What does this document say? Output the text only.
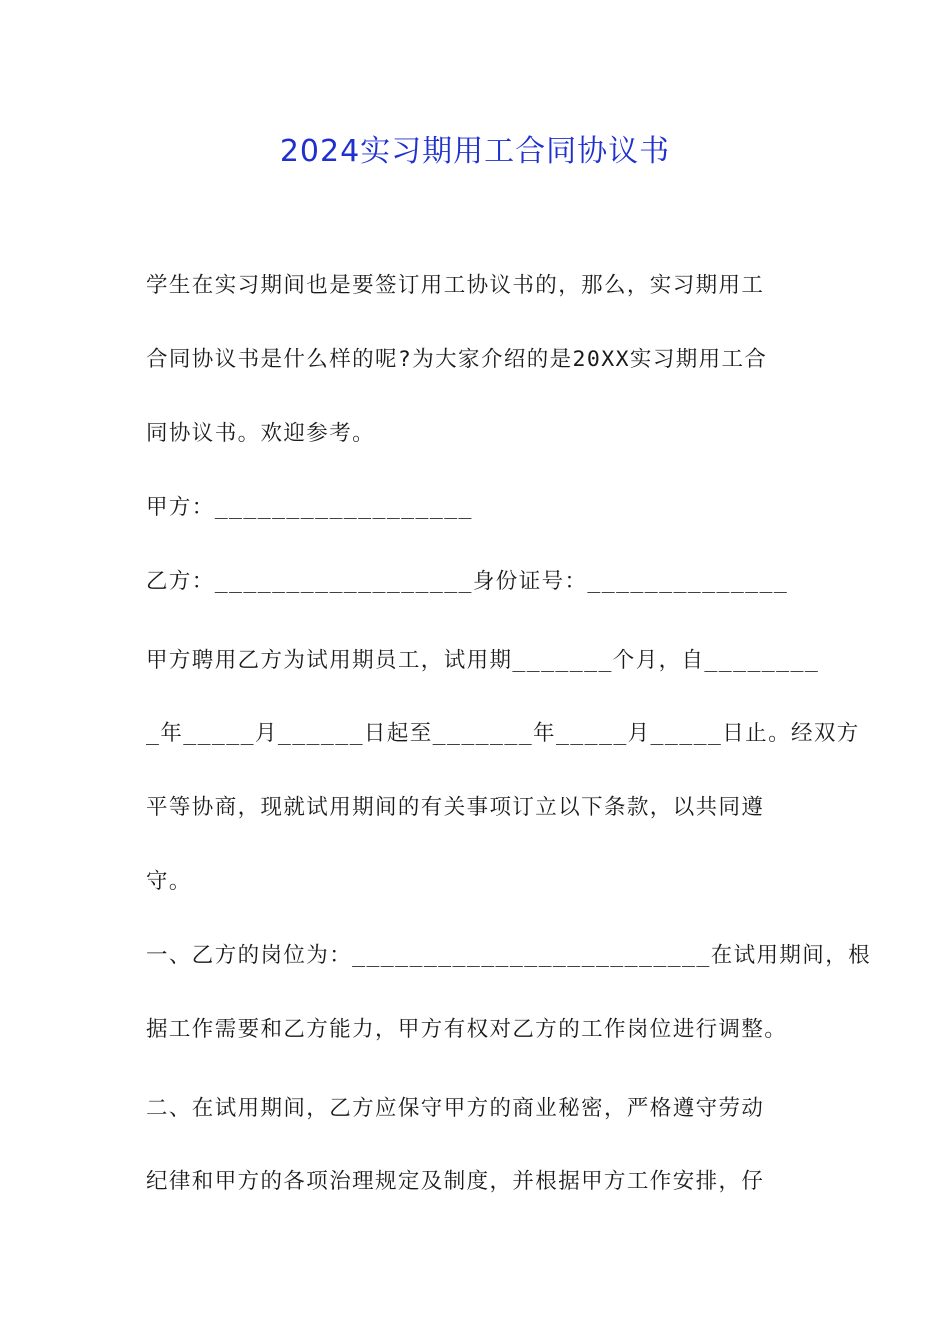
2024实习期用工合同协议书
学生在实习期间也是要签订用工协议书的，那么，实习期用工
合同协议书是什么样的呢?为大家介绍的是20XX实习期用工合
同协议书。欢迎参考。
甲方：__________________
乙方：__________________身份证号：______________
甲方聘用乙方为试用期员工，试用期_______个月，自________
_年_____月______日起至_______年_____月_____日止。经双方
平等协商，现就试用期间的有关事项订立以下条款，以共同遵
守。
一、乙方的岗位为：_________________________在试用期间，根
据工作需要和乙方能力，甲方有权对乙方的工作岗位进行调整。
二、在试用期间，乙方应保守甲方的商业秘密，严格遵守劳动
纪律和甲方的各项治理规定及制度，并根据甲方工作安排，仔
